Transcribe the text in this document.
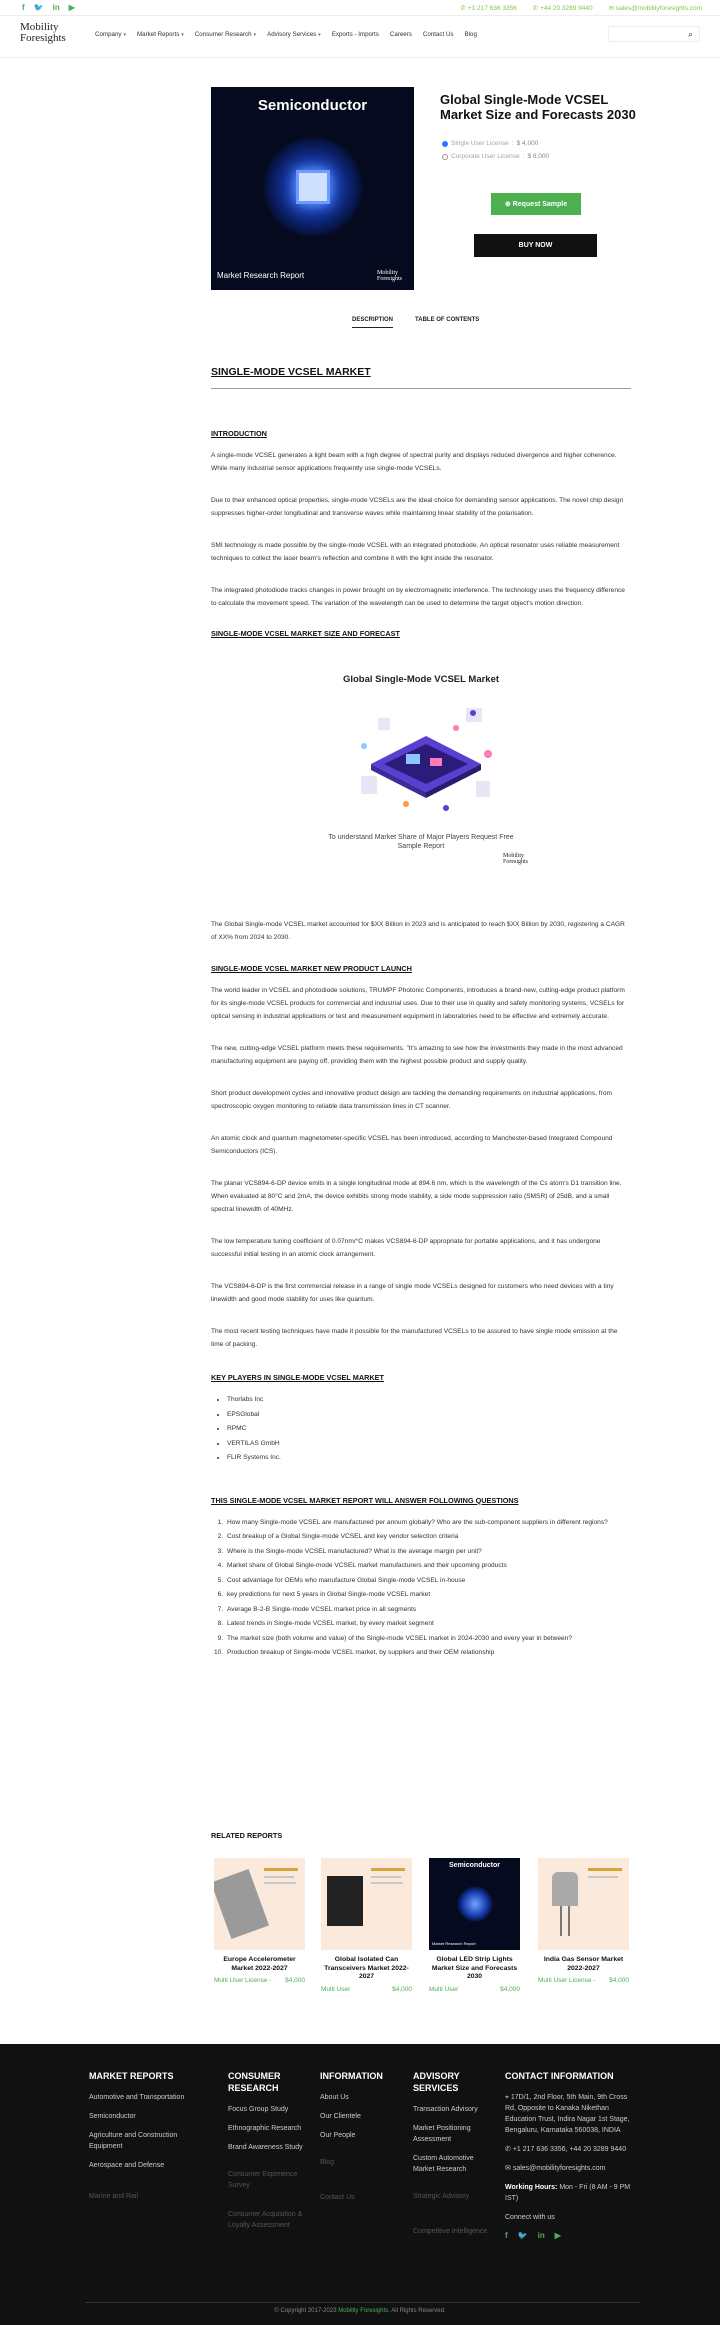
f 🐦 in ▶	✆ +1 217 636 3356 ✆ +44 20 3289 9440 ✉ sales@mobilityforesights.com
Mobility
Foresights	Company ▾ Market Reports ▾ Consumer Research ▾ Advisory Services ▾ Exports - Imports Careers Contact Us Blog	⌕
Semiconductor
Market Research Report	Mobility
Foresights
Global Single-Mode VCSEL Market Size and Forecasts 2030
Single User License : $ 4,000
Corporate User License : $ 8,000
⊕ Request Sample
BUY NOW
DESCRIPTION	TABLE OF CONTENTS
SINGLE-MODE VCSEL MARKET
INTRODUCTION

A single-mode VCSEL generates a light beam with a high degree of spectral purity and displays reduced divergence and higher coherence. While many industrial sensor applications frequently use single-mode VCSELs.

Due to their enhanced optical properties, single-mode VCSELs are the ideal choice for demanding sensor applications. The novel chip design suppresses higher-order longitudinal and transverse waves while maintaining linear stability of the polarisation.

SMI technology is made possible by the single-mode VCSEL with an integrated photodiode. An optical resonator uses reliable measurement techniques to collect the laser beam's reflection and combine it with the light inside the resonator.

The integrated photodiode tracks changes in power brought on by electromagnetic interference. The technology uses the frequency difference to calculate the movement speed. The variation of the wavelength can be used to determine the target object's motion direction.

SINGLE-MODE VCSEL MARKET SIZE AND FORECAST
Global Single-Mode VCSEL Market
To understand Market Share of Major Players Request Free
Sample Report
Mobility
Foresights

The Global Single-mode VCSEL market accounted for $XX Billion in 2023 and is anticipated to reach $XX Billion by 2030, registering a CAGR of XX% from 2024 to 2030.

SINGLE-MODE VCSEL MARKET NEW PRODUCT LAUNCH

The world leader in VCSEL and photodiode solutions, TRUMPF Photonic Components, introduces a brand-new, cutting-edge product platform for its single-mode VCSEL products for commercial and industrial uses. Due to their use in quality and safety monitoring systems, VCSELs for optical sensing in industrial applications or test and measurement equipment in laboratories need to be effective and extremely accurate.

The new, cutting-edge VCSEL platform meets these requirements. "It's amazing to see how the investments they made in the most advanced manufacturing equipment are paying off, providing them with the highest possible product and supply quality.

Short product development cycles and innovative product design are tackling the demanding requirements on industrial applications, from spectroscopic oxygen monitoring to reliable data transmission lines in CT scanner.

An atomic clock and quantum magnetometer-specific VCSEL has been introduced, according to Manchester-based Integrated Compound Semiconductors (ICS).

The planar VCS894-6-DP device emits in a single longitudinal mode at 894.6 nm, which is the wavelength of the Cs atom's D1 transition line. When evaluated at 80°C and 2mA, the device exhibits strong mode stability, a side mode suppression ratio (SMSR) of 25dB, and a small spectral linewidth of 40MHz.

The low temperature tuning coefficient of 0.07nm/°C makes VCS894-6-DP appropriate for portable applications, and it has undergone successful initial testing in an atomic clock arrangement.

The VCS894-6-DP is the first commercial release in a range of single mode VCSELs designed for customers who need devices with a tiny linewidth and good mode stability for uses like quantum.

The most recent testing techniques have made it possible for the manufactured VCSELs to be assured to have single mode emission at the time of packing.

KEY PLAYERS IN SINGLE-MODE VCSEL MARKET
• Thorlabs Inc
• EPSGlobal
• RPMC
• VERTILAS GmbH
• FLIR Systems Inc.
THIS SINGLE-MODE VCSEL MARKET REPORT WILL ANSWER FOLLOWING QUESTIONS
1. How many Single-mode VCSEL are manufactured per annum globally? Who are the sub-component suppliers in different regions?
2. Cost breakup of a Global Single-mode VCSEL and key vendor selection criteria
3. Where is the Single-mode VCSEL manufactured? What is the average margin per unit?
4. Market share of Global Single-mode VCSEL market manufacturers and their upcoming products
5. Cost advantage for OEMs who manufacture Global Single-mode VCSEL in-house
6. key predictions for next 5 years in Global Single-mode VCSEL market
7. Average B-2-B Single-mode VCSEL market price in all segments
8. Latest trends in Single-mode VCSEL market, by every market segment
9. The market size (both volume and value) of the Single-mode VCSEL market in 2024-2030 and every year in between?
10. Production breakup of Single-mode VCSEL market, by suppliers and their OEM relationship
RELATED REPORTS
Europe Accelerometer Market 2022-2027
Multi User License - $4,000
Global Isolated Can Transceivers Market 2022-2027
Multi User	$4,000
Semiconductor
Market Research Report
Global LED Strip Lights Market Size and Forecasts 2030
Multi User	$4,000
India Gas Sensor Market 2022-2027
Multi User License - $4,000
MARKET REPORTS
Automotive and Transportation
Semiconductor
Agriculture and Construction Equipment
Aerospace and Defense
Marine and Rail
CONSUMER RESEARCH
Focus Group Study
Ethnographic Research
Brand Awareness Study
Consumer Experience Survey
Consumer Acquisition & Loyalty Assessment
INFORMATION
About Us
Our Clientele
Our People
Blog
Contact Us
ADVISORY SERVICES
Transaction Advisory
Market Positioning Assessment
Custom Automotive Market Research
Strategic Advisory
Competitive Intelligence
CONTACT INFORMATION
⌖ 17D/1, 2nd Floor, 5th Main, 9th Cross Rd, Opposite to Kanaka Nikethan Education Trust, Indira Nagar 1st Stage, Bengaluru, Karnataka 560038, INDIA
✆ +1 217 636 3356, +44 20 3289 9440
✉ sales@mobilityforesights.com
Working Hours: Mon - Fri (8 AM - 9 PM IST)
Connect with us
f 🐦 in ▶
© Copyright 2017-2023 Mobility Foresights. All Rights Reserved.
